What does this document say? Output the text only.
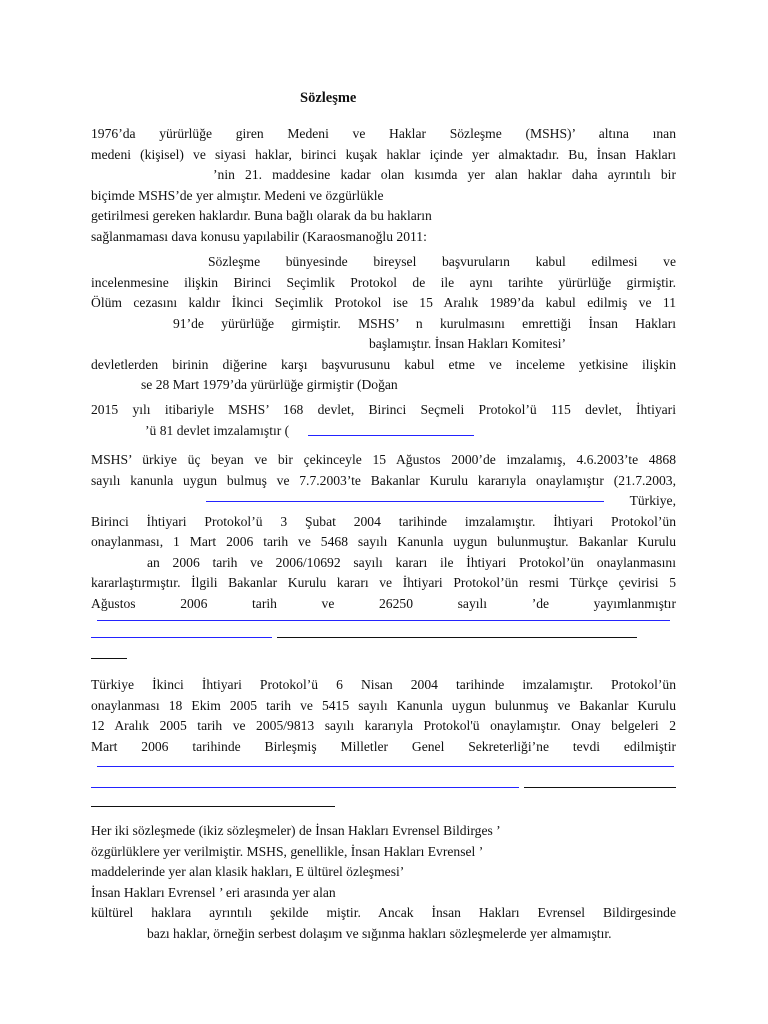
Sözleşme
1976’da yürürlüğe giren Medeni ve Haklar Sözleşme (MSHS)’ altına ınan
medeni (kişisel) ve siyasi haklar, birinci kuşak haklar içinde yer almaktadır. Bu, İnsan Hakları
’nin 21. maddesine kadar olan kısımda yer alan haklar daha ayrıntılı bir
biçimde MSHS’de yer almıştır. Medeni ve özgürlükle
getirilmesi gereken haklardır. Buna bağlı olarak da bu hakların
sağlanmaması dava konusu yapılabilir (Karaosmanoğlu 2011:
Sözleşme bünyesinde bireysel başvuruların kabul edilmesi ve
incelenmesine ilişkin Birinci Seçimlik Protokol de ile aynı tarihte yürürlüğe girmiştir.
Ölüm cezasını kaldır İkinci Seçimlik Protokol ise 15 Aralık 1989’da kabul edilmiş ve 11
91’de yürürlüğe girmiştir. MSHS’ n kurulmasını emrettiği İnsan Hakları
başlamıştır. İnsan Hakları Komitesi’
devletlerden birinin diğerine karşı başvurusunu kabul etme ve inceleme yetkisine ilişkin
se 28 Mart 1979’da yürürlüğe girmiştir (Doğan
2015 yılı itibariyle MSHS’ 168 devlet, Birinci Seçmeli Protokol’ü 115 devlet, İhtiyari
’ü 81 devlet imzalamıştır (
MSHS’ ürkiye üç beyan ve bir çekinceyle 15 Ağustos 2000’de imzalamış, 4.6.2003’te 4868
sayılı kanunla uygun bulmuş ve 7.7.2003’te Bakanlar Kurulu kararıyla onaylamıştır (21.7.2003,
Türkiye,
Birinci İhtiyari Protokol’ü 3 Şubat 2004 tarihinde imzalamıştır. İhtiyari Protokol’ün
onaylanması, 1 Mart 2006 tarih ve 5468 sayılı Kanunla uygun bulunmuştur. Bakanlar Kurulu
an 2006 tarih ve 2006/10692 sayılı kararı ile İhtiyari Protokol’ün onaylanmasını
kararlaştırmıştır. İlgili Bakanlar Kurulu kararı ve İhtiyari Protokol’ün resmi Türkçe çevirisi 5
Ağustos 2006 tarih ve 26250 sayılı ’de yayımlanmıştır
Türkiye İkinci İhtiyari Protokol’ü 6 Nisan 2004 tarihinde imzalamıştır. Protokol’ün
onaylanması 18 Ekim 2005 tarih ve 5415 sayılı Kanunla uygun bulunmuş ve Bakanlar Kurulu
12 Aralık 2005 tarih ve 2005/9813 sayılı kararıyla Protokol'ü onaylamıştır. Onay belgeleri 2
Mart 2006 tarihinde Birleşmiş Milletler Genel Sekreterliği’ne tevdi edilmiştir
Her iki sözleşmede (ikiz sözleşmeler) de İnsan Hakları Evrensel Bildirges ’
özgürlüklere yer verilmiştir. MSHS, genellikle, İnsan Hakları Evrensel ’
maddelerinde yer alan klasik hakları, E ültürel özleşmesi’
İnsan Hakları Evrensel ’ eri arasında yer alan
kültürel haklara ayrıntılı şekilde miştir. Ancak İnsan Hakları Evrensel Bildirgesinde
bazı haklar, örneğin serbest dolaşım ve sığınma hakları sözleşmelerde yer almamıştır.
